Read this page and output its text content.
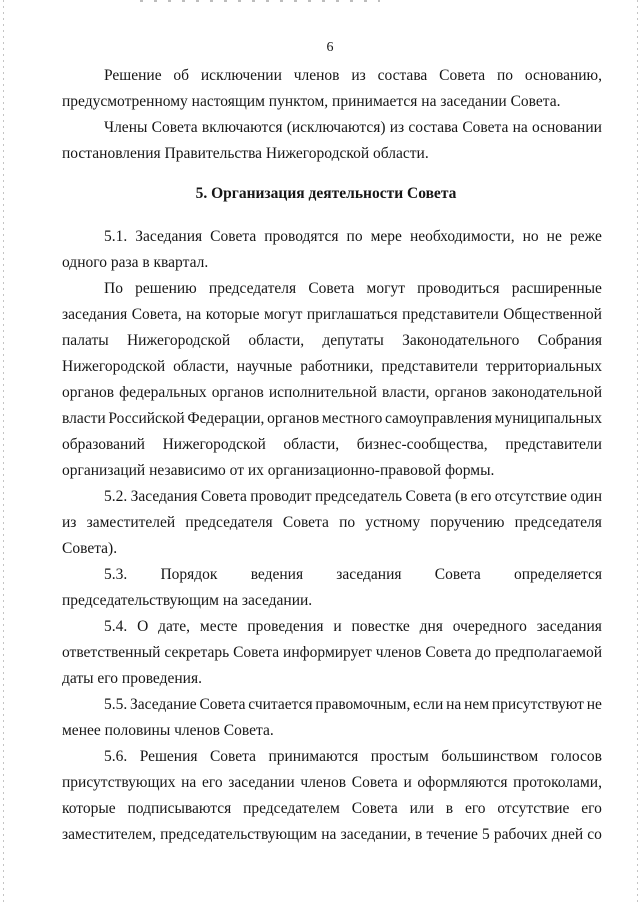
6
Решение об исключении членов из состава Совета по основанию,
предусмотренному настоящим пунктом, принимается на заседании Совета.
Члены Совета включаются (исключаются) из состава Совета на основании
постановления Правительства Нижегородской области.
5. Организация деятельности Совета
5.1. Заседания Совета проводятся по мере необходимости, но не реже
одного раза в квартал.
По решению председателя Совета могут проводиться расширенные
заседания Совета, на которые могут приглашаться представители Общественной
палаты Нижегородской области, депутаты Законодательного Собрания
Нижегородской области, научные работники, представители территориальных
органов федеральных органов исполнительной власти, органов законодательной
власти Российской Федерации, органов местного самоуправления муниципальных
образований Нижегородской области, бизнес-сообщества, представители
организаций независимо от их организационно-правовой формы.
5.2. Заседания Совета проводит председатель Совета (в его отсутствие один
из заместителей председателя Совета по устному поручению председателя
Совета).
5.3. Порядок ведения заседания Совета определяется
председательствующим на заседании.
5.4. О дате, месте проведения и повестке дня очередного заседания
ответственный секретарь Совета информирует членов Совета до предполагаемой
даты его проведения.
5.5. Заседание Совета считается правомочным, если на нем присутствуют не
менее половины членов Совета.
5.6. Решения Совета принимаются простым большинством голосов
присутствующих на его заседании членов Совета и оформляются протоколами,
которые подписываются председателем Совета или в его отсутствие его
заместителем, председательствующим на заседании, в течение 5 рабочих дней со
